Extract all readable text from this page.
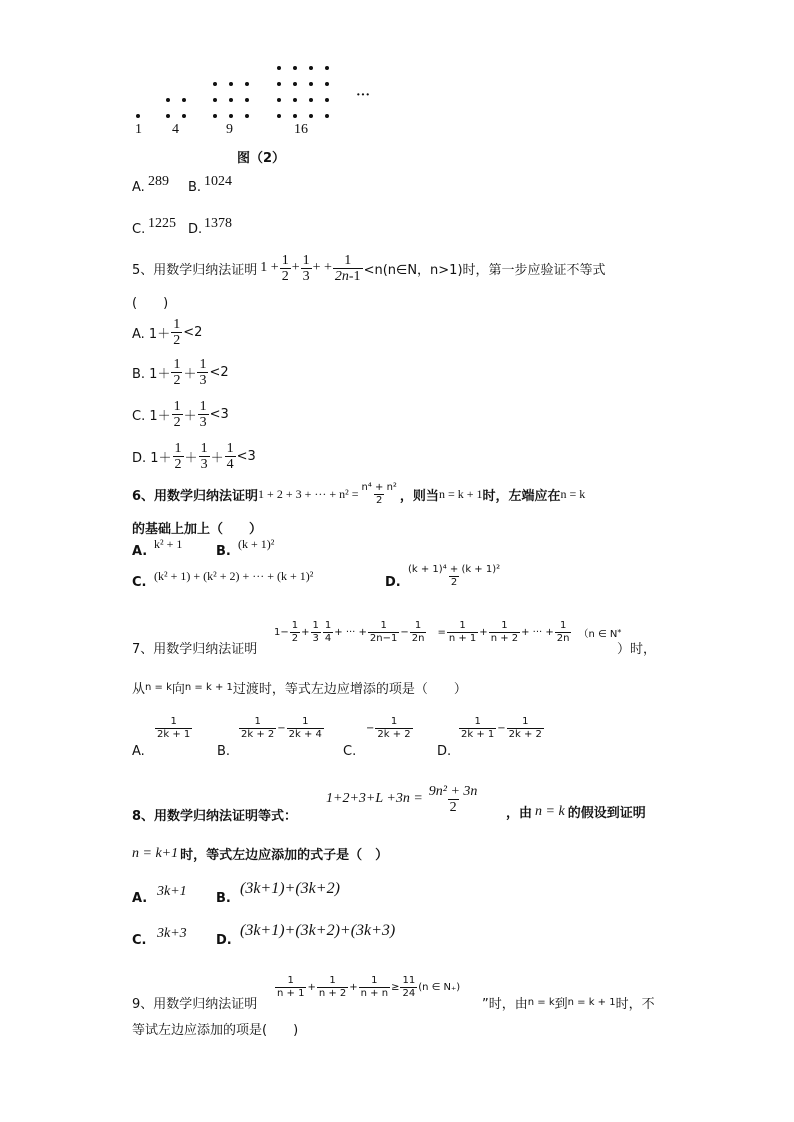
···
1 4	9	16
图（2）
A. 289 B. 1024
C. 1225 D. 1378
5、用数学归纳法证明 $1 + \frac{1}{2} + \frac{1}{3}$ + + $\frac{1}{2n-1}$ <n(n∈N，n>1) 时，第一步应验证不等式
(　　)
A. $1+ \frac{1}{2} <2$
B. $1+ \frac{1}{2} + \frac{1}{3} <2$
C. $1+ \frac{1}{2} + \frac{1}{3} <3$
D. $1+ \frac{1}{2} + \frac{1}{3} + \frac{1}{4} <3$
6、用数学归纳法证明 1 + 2 + 3 + ··· + $n^2 = \frac{\text{n⁴ + n²}}{2}$ ，则当 n = k + 1 时，左端应在 n = k
的基础上加上（　　）
A. k² + 1	B. (k + 1)²
C. (k² + 1) + (k² + 2) + ··· + (k + 1)²	D. $\frac{\text{(k + 1)⁴ + (k + 1)²}}{2}$
7、用数学归纳法证明
$1- \frac{1}{2} + \frac{1}{3} \frac{1}{4}$ + ··· + $\frac{1}{2n-1} - \frac{1}{2n} = \frac{1}{n + 1} + \frac{1}{n + 2}$ + ··· + $\frac{1}{2n} (n$ ∈ N *
）时，
从 n = k 向 n = k + 1 过渡时，等式左边应增添的项是（　　）
A.
$\frac{1}{2k + 1}$
B.
$\frac{1}{2k + 2} - \frac{1}{2k + 4}$
C.
− $\frac{1}{2k + 2}$
D.
$\frac{1}{2k + 1} - \frac{1}{2k + 2}$
8、用数学归纳法证明等式：
$1+2+3+L +3n = \frac{\text{9n² + 3n}}{2}$ ，由 n = k 的假设到证明
n = k+1 时，等式左边应添加的式子是（　）
A. 3k+1 B.
(3k+1)+(3k+2)
C. 3k+3 D.
(3k+1)+(3k+2)+(3k+3)
9、用数学归纳法证明
$\frac{1}{n + 1} + \frac{1}{n + 2} + \frac{1}{n + n} \ge \frac{11}{24} (n$ ∈ N₊)
”时，由 n = k 到 n = k + 1 时，不
等试左边应添加的项是(　　)
